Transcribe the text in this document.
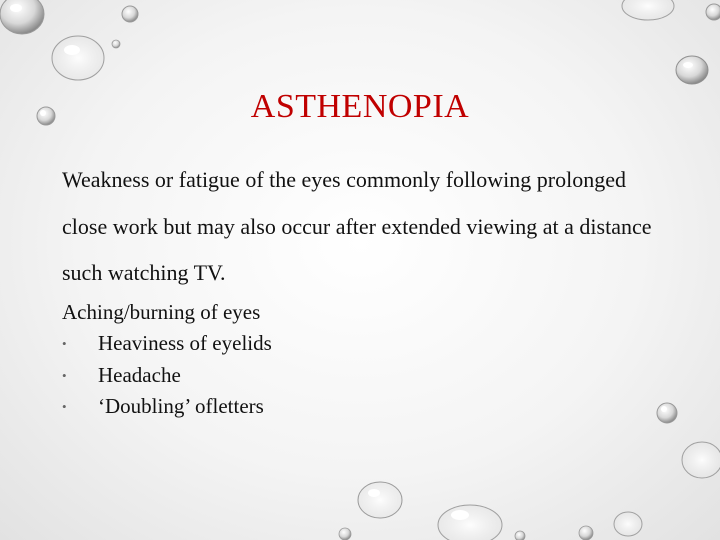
ASTHENOPIA

Weakness or fatigue of the eyes commonly following prolonged close work but may also occur after extended viewing at a distance such watching TV.

Aching/burning of eyes
• Heaviness of eyelids
• Headache
• ‘Doubling’ ofletters
